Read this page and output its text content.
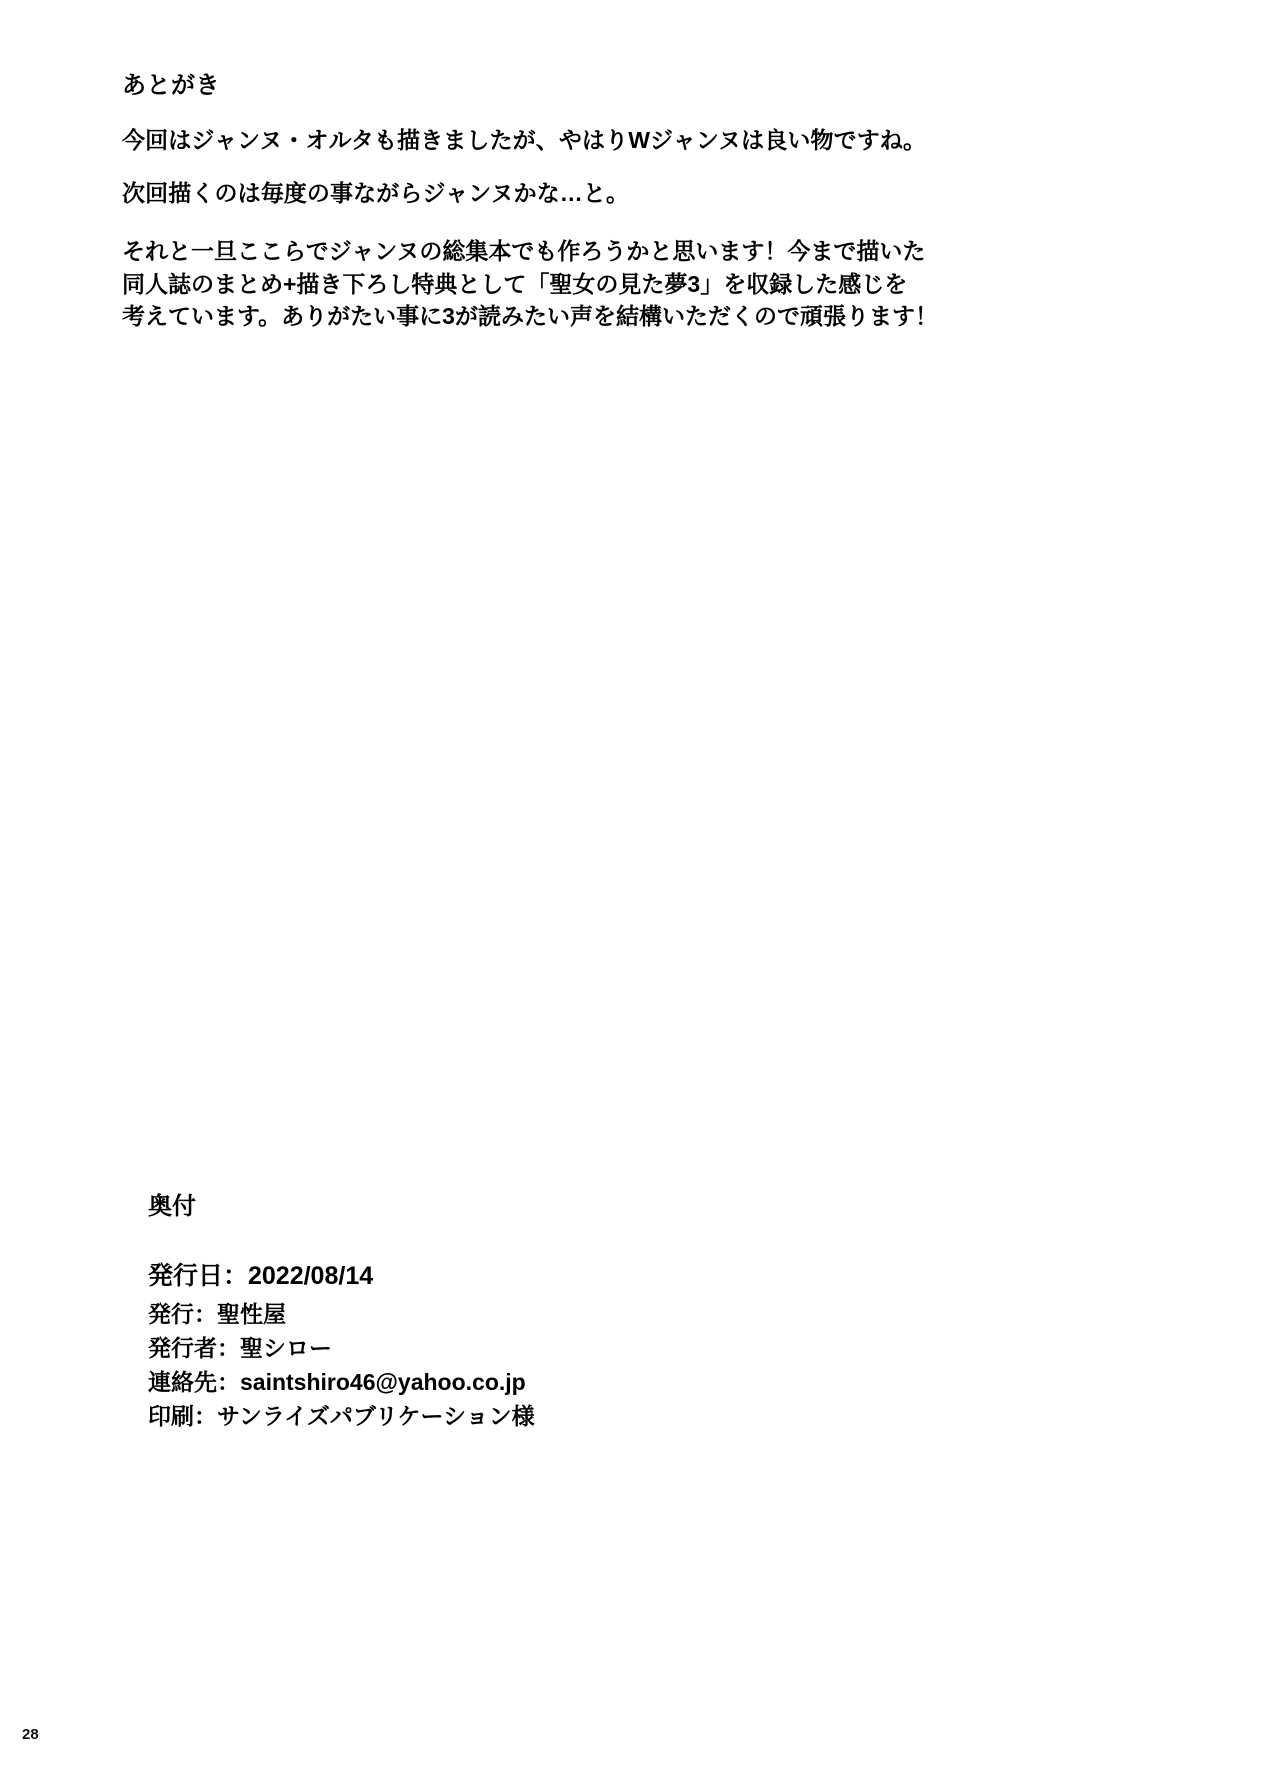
あとがき

今回はジャンヌ・オルタも描きましたが、やはりWジャンヌは良い物ですね。

次回描くのは毎度の事ながらジャンヌかな…と。

それと一旦ここらでジャンヌの総集本でも作ろうかと思います！今まで描いた
同人誌のまとめ+描き下ろし特典として「聖女の見た夢3」を収録した感じを
考えています。ありがたい事に3が読みたい声を結構いただくので頑張ります！
奥付
発行日：2022/08/14
発行：聖性屋
発行者：聖シロー
連絡先：saintshiro46@yahoo.co.jp
印刷：サンライズパブリケーション様
28
